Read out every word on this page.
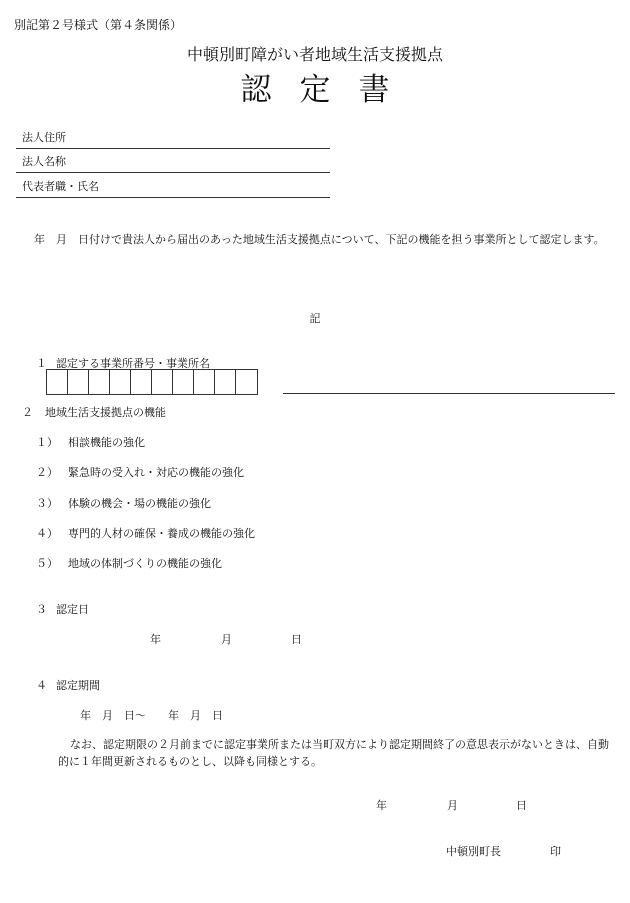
別記第２号様式（第４条関係）
中頓別町障がい者地域生活支援拠点
認定書
法人住所
法人名称
代表者職・氏名
年　月　日付けで貴法人から届出のあった地域生活支援拠点について、下記の機能を担う事業所として認定します。
記
１ 認定する事業所番号・事業所名
２ 地域生活支援拠点の機能
１） 相談機能の強化
２） 緊急時の受入れ・対応の機能の強化
３） 体験の機会・場の機能の強化
４） 専門的人材の確保・養成の機能の強化
５） 地域の体制づくりの機能の強化
３ 認定日
年	月	日
４ 認定期間
年　月　日〜　　年　月　日
なお、認定期限の２月前までに認定事業所または当町双方により認定期間終了の意思表示がないときは、自動的に１年間更新されるものとし、以降も同様とする。
年	月	日
中頓別町長	印
